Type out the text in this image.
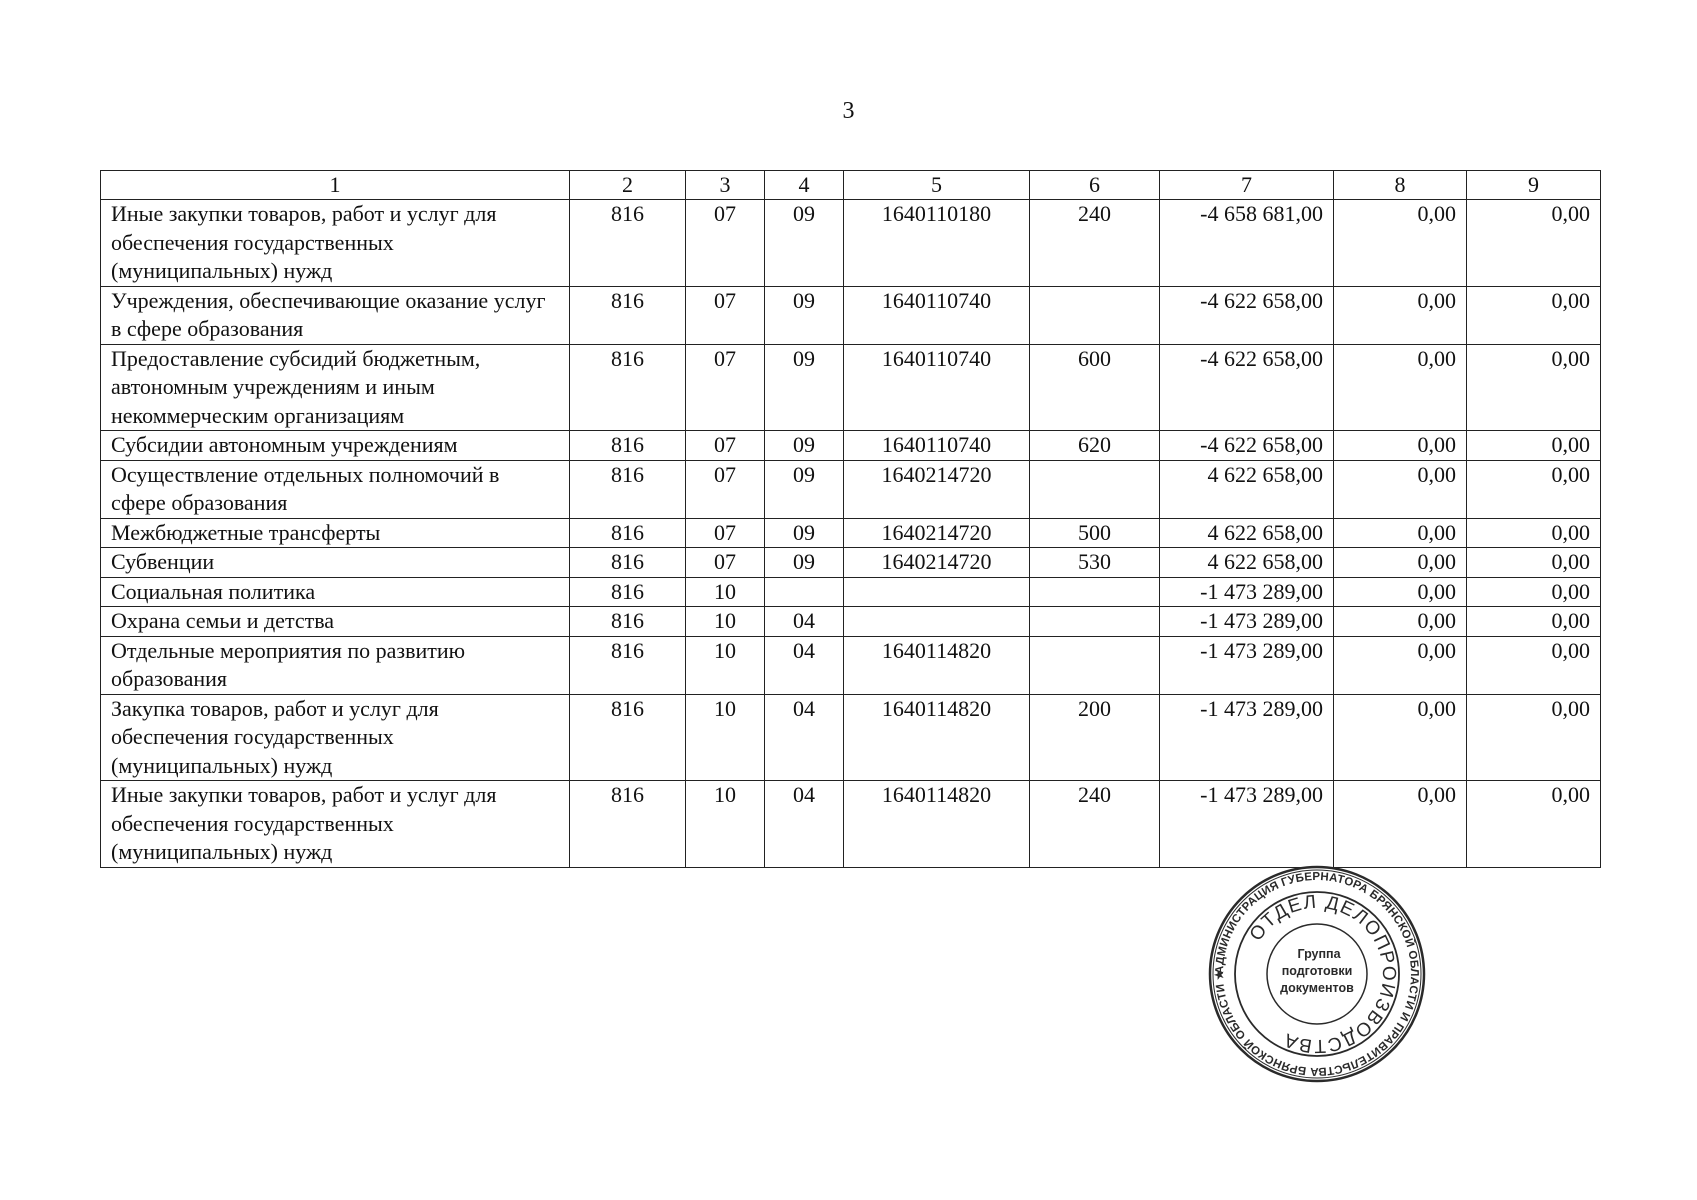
3
1	2	3	4	5	6	7	8	9
Иные закупки товаров, работ и услуг для обеспечения государственных (муниципальных) нужд	816	07	09	1640110180	240	-4 658 681,00	0,00	0,00
Учреждения, обеспечивающие оказание услуг в сфере образования	816	07	09	1640110740		-4 622 658,00	0,00	0,00
Предоставление субсидий бюджетным, автономным учреждениям и иным некоммерческим организациям	816	07	09	1640110740	600	-4 622 658,00	0,00	0,00
Субсидии автономным учреждениям	816	07	09	1640110740	620	-4 622 658,00	0,00	0,00
Осуществление отдельных полномочий в сфере образования	816	07	09	1640214720		4 622 658,00	0,00	0,00
Межбюджетные трансферты	816	07	09	1640214720	500	4 622 658,00	0,00	0,00
Субвенции	816	07	09	1640214720	530	4 622 658,00	0,00	0,00
Социальная политика	816	10				-1 473 289,00	0,00	0,00
Охрана семьи и детства	816	10	04			-1 473 289,00	0,00	0,00
Отдельные мероприятия по развитию образования	816	10	04	1640114820		-1 473 289,00	0,00	0,00
Закупка товаров, работ и услуг для обеспечения государственных (муниципальных) нужд	816	10	04	1640114820	200	-1 473 289,00	0,00	0,00
Иные закупки товаров, работ и услуг для обеспечения государственных (муниципальных) нужд	816	10	04	1640114820	240	-1 473 289,00	0,00	0,00
АДМИНИСТРАЦИЯ ГУБЕРНАТОРА БРЯНСКОЙ ОБЛАСТИ И ПРАВИТЕЛЬСТВА БРЯНСКОЙ ОБЛАСТИ ★
ОТДЕЛ ДЕЛОПРОИЗВОДСТВА
Группа
подготовки
документов
